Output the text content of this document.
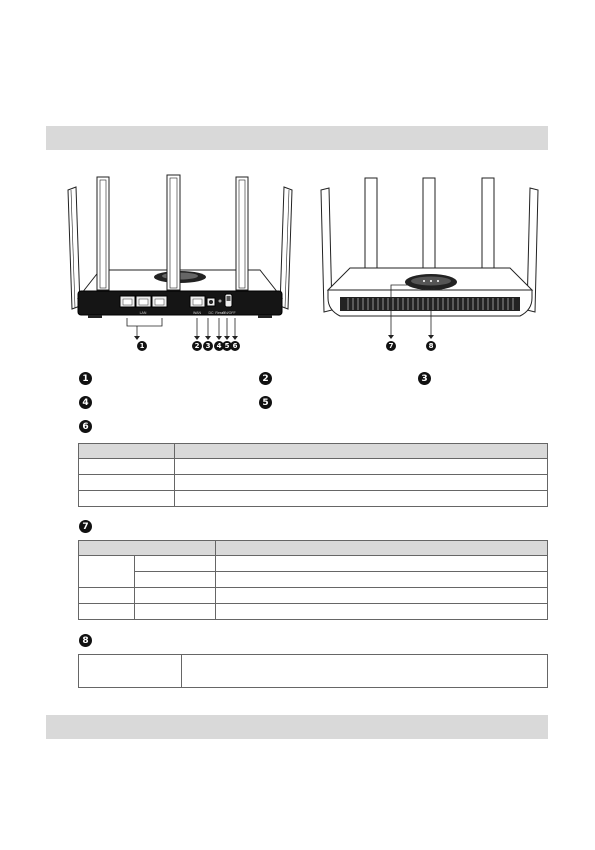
LAN	WAN DC Reset
ON/OFF
1	2 3 4 5 6	7	8
1	2	3
4	5
6

7

8
